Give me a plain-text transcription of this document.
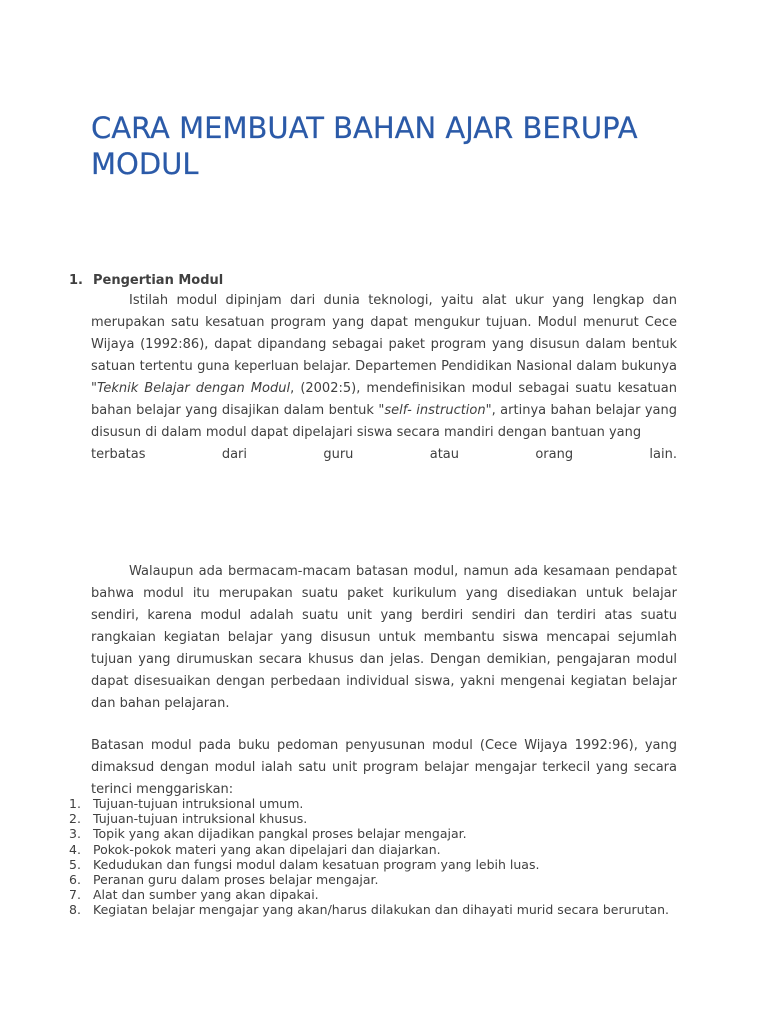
CARA MEMBUAT BAHAN AJAR BERUPA MODUL
1. Pengertian Modul

Istilah modul dipinjam dari dunia teknologi, yaitu alat ukur yang lengkap dan merupakan satu kesatuan program yang dapat mengukur tujuan. Modul menurut Cece Wijaya (1992:86), dapat dipandang sebagai paket program yang disusun dalam bentuk satuan tertentu guna keperluan belajar. Departemen Pendidikan Nasional dalam bukunya "Teknik Belajar dengan Modul, (2002:5), mendefinisikan modul sebagai suatu kesatuan bahan belajar yang disajikan dalam bentuk "self- instruction", artinya bahan belajar yang disusun di dalam modul dapat dipelajari siswa secara mandiri dengan bantuan yang
terbatas dari guru atau orang lain.

Walaupun ada bermacam-macam batasan modul, namun ada kesamaan pendapat bahwa modul itu merupakan suatu paket kurikulum yang disediakan untuk belajar sendiri, karena modul adalah suatu unit yang berdiri sendiri dan terdiri atas suatu rangkaian kegiatan belajar yang disusun untuk membantu siswa mencapai sejumlah tujuan yang dirumuskan secara khusus dan jelas. Dengan demikian, pengajaran modul dapat disesuaikan dengan perbedaan individual siswa, yakni mengenai kegiatan belajar dan bahan pelajaran.

Batasan modul pada buku pedoman penyusunan modul (Cece Wijaya 1992:96), yang dimaksud dengan modul ialah satu unit program belajar mengajar terkecil yang secara terinci menggariskan:

1. Tujuan-tujuan intruksional umum.
2. Tujuan-tujuan intruksional khusus.
3. Topik yang akan dijadikan pangkal proses belajar mengajar.
4. Pokok-pokok materi yang akan dipelajari dan diajarkan.
5. Kedudukan dan fungsi modul dalam kesatuan program yang lebih luas.
6. Peranan guru dalam proses belajar mengajar.
7. Alat dan sumber yang akan dipakai.
8. Kegiatan belajar mengajar yang akan/harus dilakukan dan dihayati murid secara berurutan.
